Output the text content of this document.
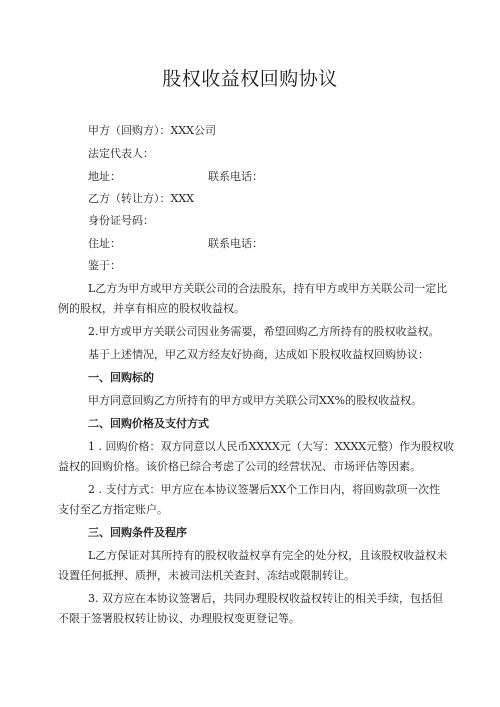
股权收益权回购协议
甲方（回购方）：XXX公司
法定代表人：
地址：	联系电话：
乙方（转让方）：XXX
身份证号码：
住址：	联系电话：
鉴于：
L乙方为甲方或甲方关联公司的合法股东，持有甲方或甲方关联公司一定比
例的股权，并享有相应的股权收益权。
2.甲方或甲方关联公司因业务需要，希望回购乙方所持有的股权收益权。
基于上述情况，甲乙双方经友好协商，达成如下股权收益权回购协议：
一、回购标的
甲方同意回购乙方所持有的甲方或甲方关联公司XX%的股权收益权。
二、回购价格及支付方式
1 . 回购价格：双方同意以人民币XXXX元（大写：XXXX元整）作为股权收
益权的回购价格。该价格已综合考虑了公司的经营状况、市场评估等因素。
2 . 支付方式：甲方应在本协议签署后XX个工作日内，将回购款项一次性
支付至乙方指定账户。
三、回购条件及程序
L乙方保证对其所持有的股权收益权享有完全的处分权，且该股权收益权未
设置任何抵押、质押，未被司法机关查封、冻结或限制转让。
3. 双方应在本协议签署后，共同办理股权收益权转让的相关手续，包括但
不限于签署股权转让协议、办理股权变更登记等。
